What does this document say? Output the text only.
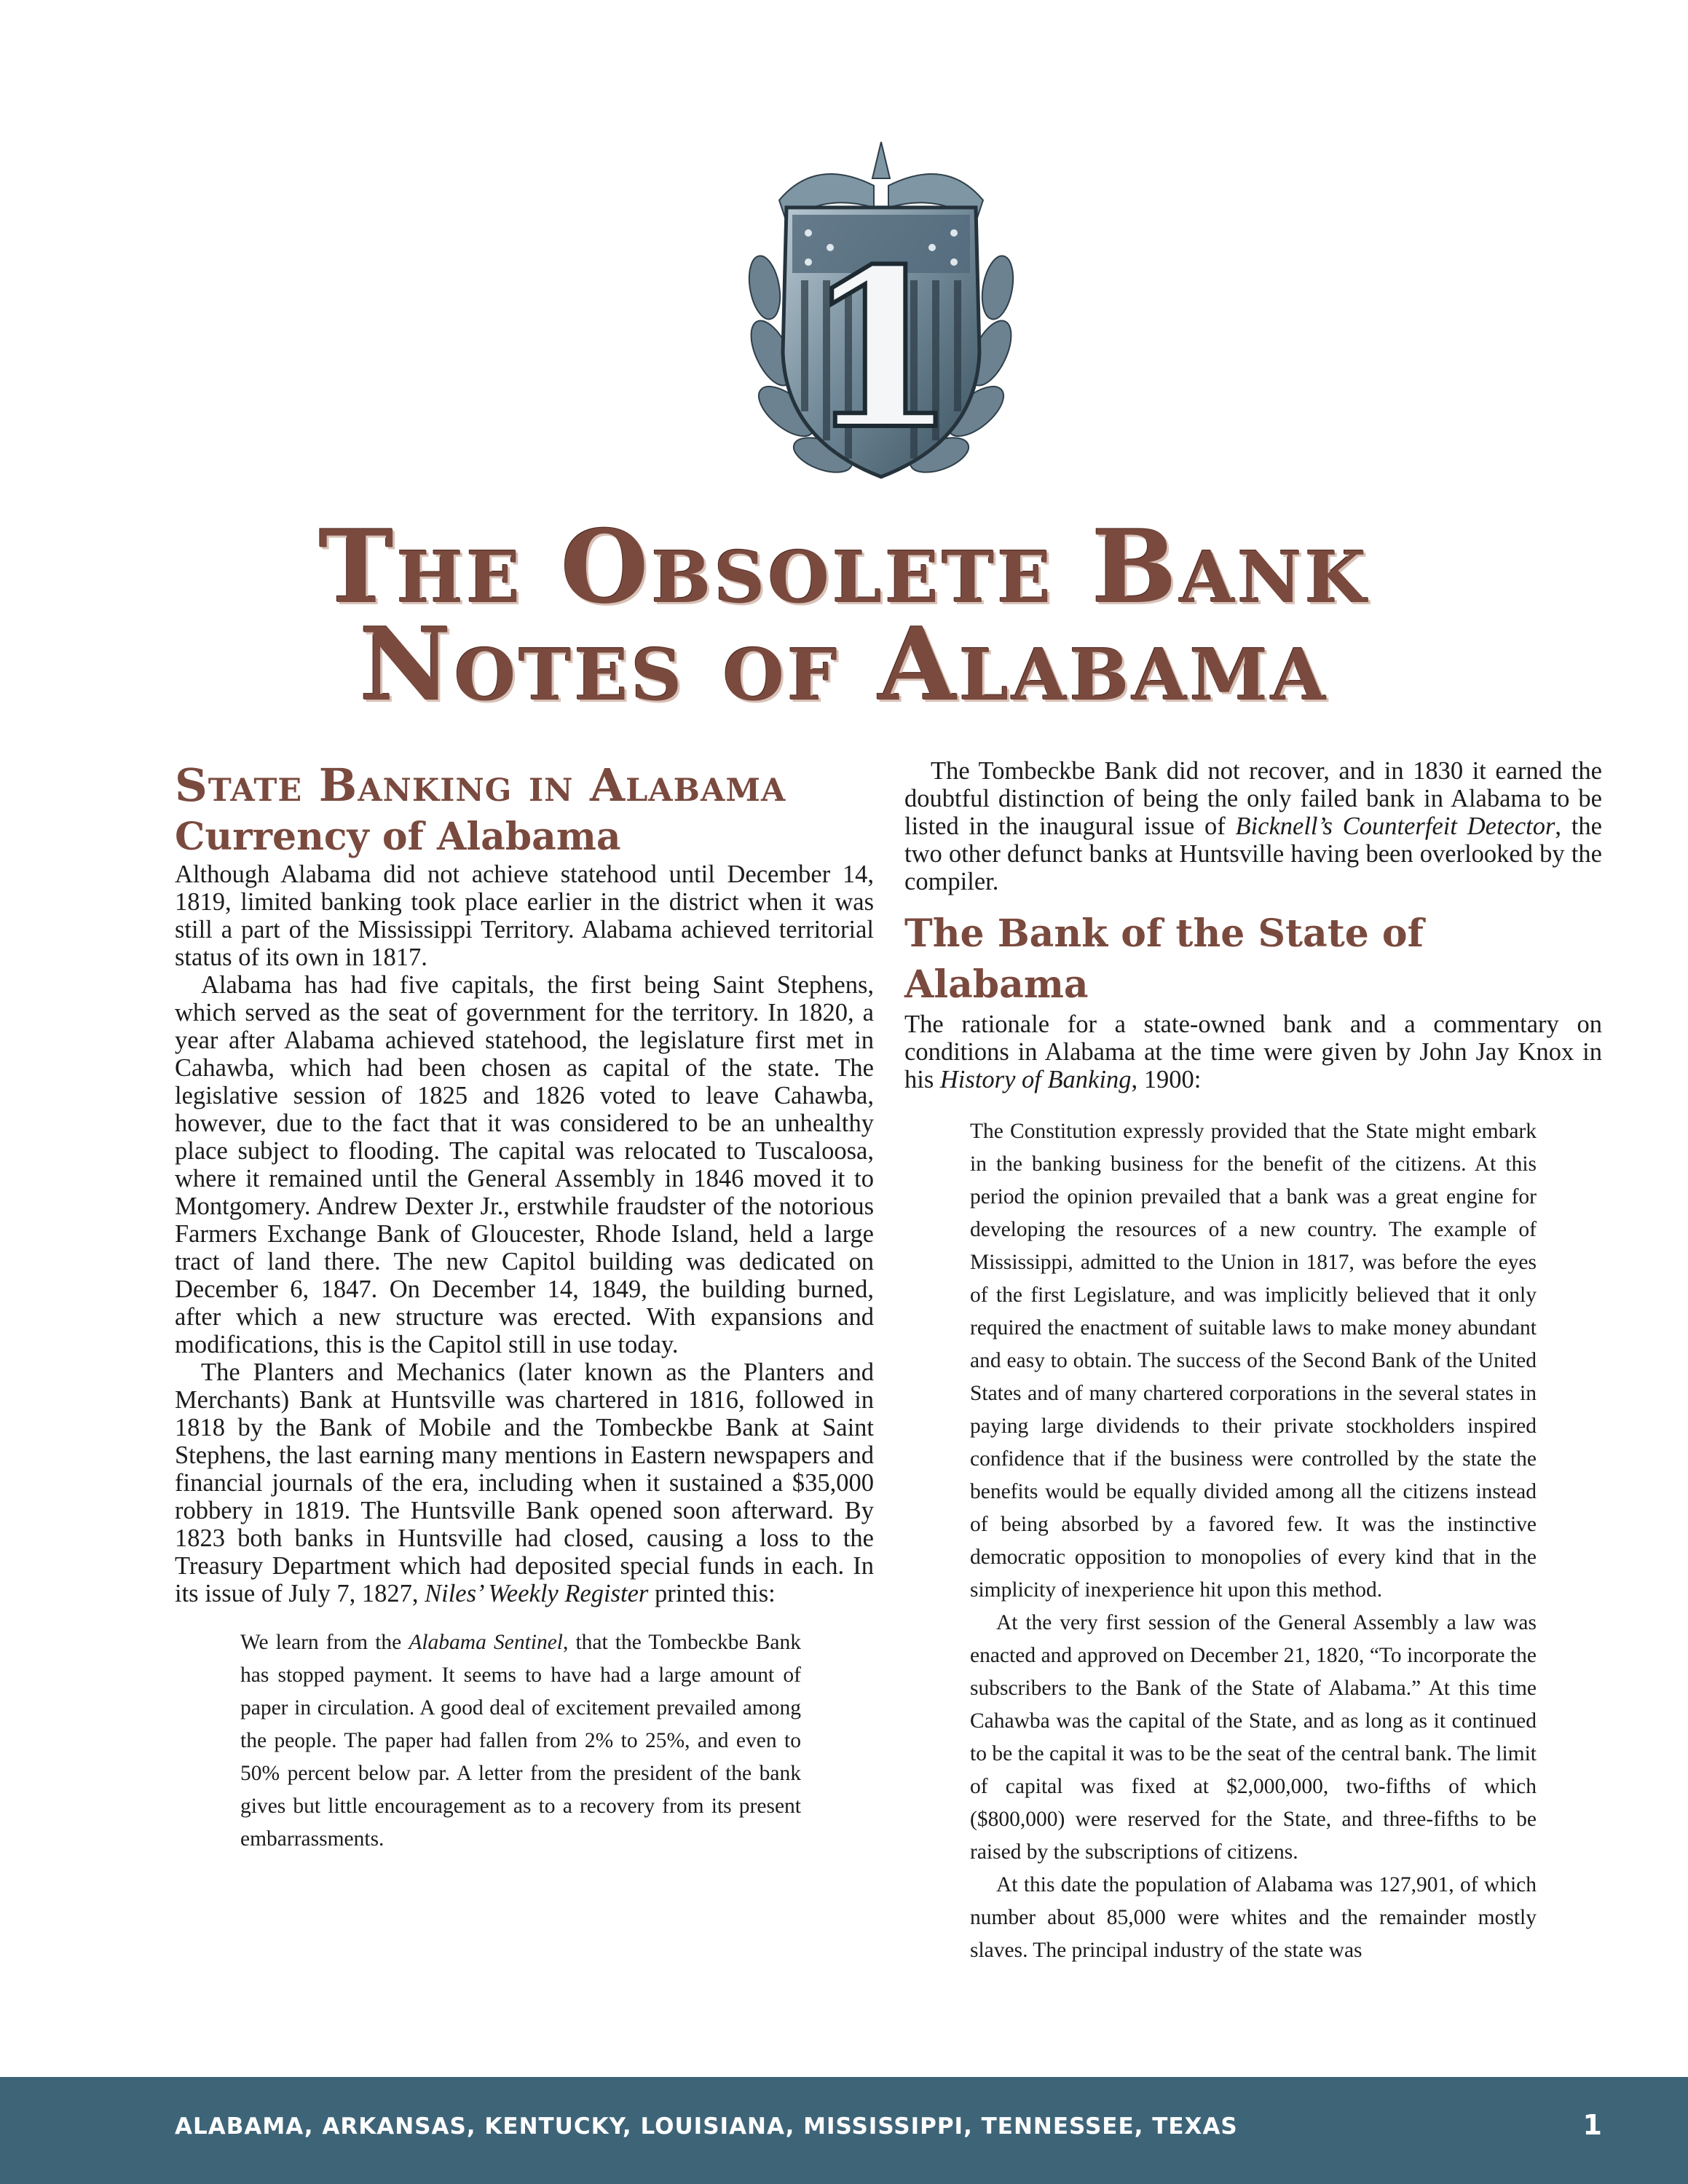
1
The Obsolete Bank
Notes of Alabama
State Banking in Alabama
Currency of Alabama

Although Alabama did not achieve statehood until December 14, 1819, limited banking took place earlier in the district when it was still a part of the Mississippi Territory. Alabama achieved territorial status of its own in 1817.

Alabama has had five capitals, the first being Saint Stephens, which served as the seat of government for the territory. In 1820, a year after Alabama achieved statehood, the legislature first met in Cahawba, which had been chosen as capital of the state. The legislative session of 1825 and 1826 voted to leave Cahawba, however, due to the fact that it was considered to be an unhealthy place subject to flooding. The capital was relocated to Tuscaloosa, where it remained until the General Assembly in 1846 moved it to Montgomery. Andrew Dexter Jr., erstwhile fraudster of the notorious Farmers Exchange Bank of Gloucester, Rhode Island, held a large tract of land there. The new Capitol building was dedicated on December 6, 1847. On December 14, 1849, the building burned, after which a new structure was erected. With expansions and modifications, this is the Capitol still in use today.

The Planters and Mechanics (later known as the Planters and Merchants) Bank at Huntsville was chartered in 1816, followed in 1818 by the Bank of Mobile and the Tombeckbe Bank at Saint Stephens, the last earning many mentions in Eastern newspapers and financial journals of the era, including when it sustained a $35,000 robbery in 1819. The Huntsville Bank opened soon afterward. By 1823 both banks in Huntsville had closed, causing a loss to the Treasury Department which had deposited special funds in each. In its issue of July 7, 1827, Niles’ Weekly Register printed this:

We learn from the Alabama Sentinel, that the Tombeckbe Bank has stopped payment. It seems to have had a large amount of paper in circulation. A good deal of excitement prevailed among the people. The paper had fallen from 2% to 25%, and even to 50% percent below par. A letter from the president of the bank gives but little encouragement as to a recovery from its present embarrassments.

The Tombeckbe Bank did not recover, and in 1830 it earned the doubtful distinction of being the only failed bank in Alabama to be listed in the inaugural issue of Bicknell’s Counterfeit Detector, the two other defunct banks at Huntsville having been overlooked by the compiler.

The Bank of the State of Alabama

The rationale for a state-owned bank and a commentary on conditions in Alabama at the time were given by John Jay Knox in his History of Banking, 1900:

The Constitution expressly provided that the State might embark in the banking business for the benefit of the citizens. At this period the opinion prevailed that a bank was a great engine for developing the resources of a new country. The example of Mississippi, admitted to the Union in 1817, was before the eyes of the first Legislature, and was implicitly believed that it only required the enactment of suitable laws to make money abundant and easy to obtain. The success of the Second Bank of the United States and of many chartered corporations in the several states in paying large dividends to their private stockholders inspired confidence that if the business were controlled by the state the benefits would be equally divided among all the citizens instead of being absorbed by a favored few. It was the instinctive democratic opposition to monopolies of every kind that in the simplicity of inexperience hit upon this method.

At the very first session of the General Assembly a law was enacted and approved on December 21, 1820, “To incorporate the subscribers to the Bank of the State of Alabama.” At this time Cahawba was the capital of the State, and as long as it continued to be the capital it was to be the seat of the central bank. The limit of capital was fixed at $2,000,000, two-fifths of which ($800,000) were reserved for the State, and three-fifths to be raised by the subscriptions of citizens.

At this date the population of Alabama was 127,901, of which number about 85,000 were whites and the remainder mostly slaves. The principal industry of the state was

ALABAMA, ARKANSAS, KENTUCKY, LOUISIANA, MISSISSIPPI, TENNESSEE, TEXAS	1
